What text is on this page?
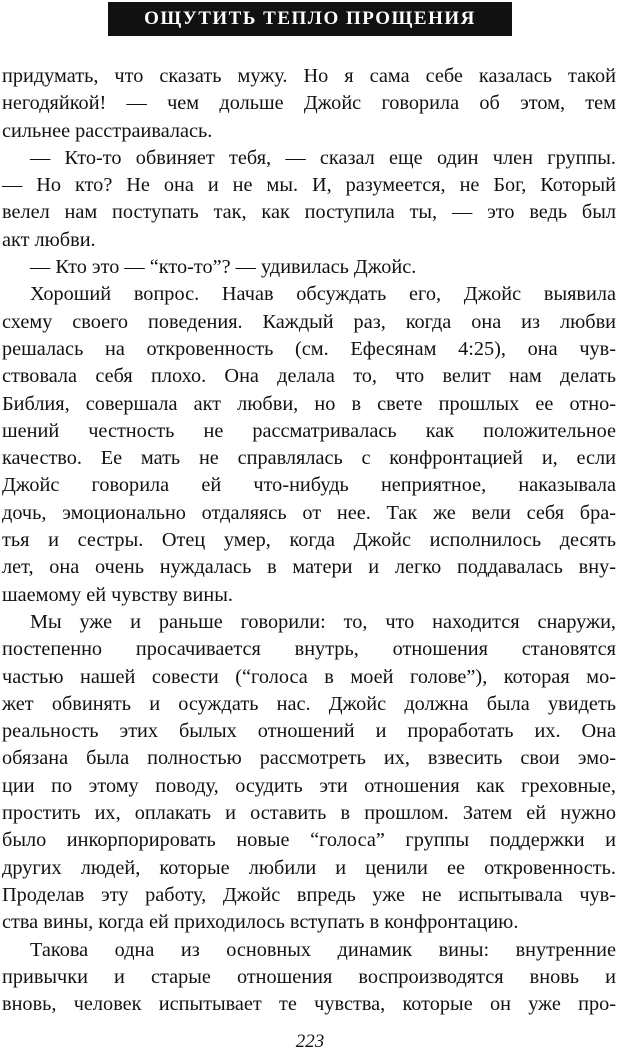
ОЩУТИТЬ ТЕПЛО ПРОЩЕНИЯ
придумать, что сказать мужу. Но я сама себе казалась такой
негодяйкой! — чем дольше Джойс говорила об этом, тем
сильнее расстраивалась.
— Кто-то обвиняет тебя, — сказал еще один член группы.
— Но кто? Не она и не мы. И, разумеется, не Бог, Который
велел нам поступать так, как поступила ты, — это ведь был
акт любви.
— Кто это — “кто-то”? — удивилась Джойс.
Хороший вопрос. Начав обсуждать его, Джойс выявила
схему своего поведения. Каждый раз, когда она из любви
решалась на откровенность (см. Ефесянам 4:25), она чув-
ствовала себя плохо. Она делала то, что велит нам делать
Библия, совершала акт любви, но в свете прошлых ее отно-
шений честность не рассматривалась как положительное
качество. Ее мать не справлялась с конфронтацией и, если
Джойс говорила ей что-нибудь неприятное, наказывала
дочь, эмоционально отдаляясь от нее. Так же вели себя бра-
тья и сестры. Отец умер, когда Джойс исполнилось десять
лет, она очень нуждалась в матери и легко поддавалась вну-
шаемому ей чувству вины.
Мы уже и раньше говорили: то, что находится снаружи,
постепенно просачивается внутрь, отношения становятся
частью нашей совести (“голоса в моей голове”), которая мо-
жет обвинять и осуждать нас. Джойс должна была увидеть
реальность этих былых отношений и проработать их. Она
обязана была полностью рассмотреть их, взвесить свои эмо-
ции по этому поводу, осудить эти отношения как греховные,
простить их, оплакать и оставить в прошлом. Затем ей нужно
было инкорпорировать новые “голоса” группы поддержки и
других людей, которые любили и ценили ее откровенность.
Проделав эту работу, Джойс впредь уже не испытывала чув-
ства вины, когда ей приходилось вступать в конфронтацию.
Такова одна из основных динамик вины: внутренние
привычки и старые отношения воспроизводятся вновь и
вновь, человек испытывает те чувства, которые он уже про-
223
